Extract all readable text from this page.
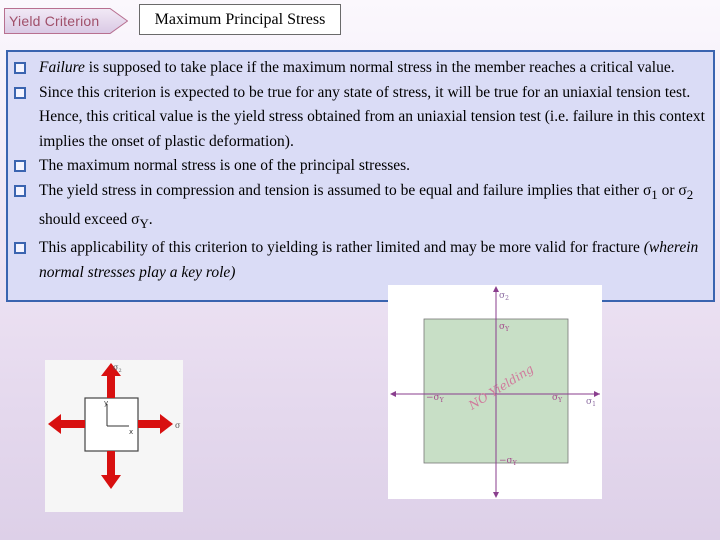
Yield Criterion	Maximum Principal Stress
Failure is supposed to take place if the maximum normal stress in the member reaches a critical value.
Since this criterion is expected to be true for any state of stress, it will be true for an uniaxial tension test. Hence, this critical value is the yield stress obtained from an uniaxial tension test (i.e. failure in this context implies the onset of plastic deformation).
The maximum normal stress is one of the principal stresses.
The yield stress in compression and tension is assumed to be equal and failure implies that either $\sigma_1$ or $\sigma_2$ should exceed $\sigma_Y$.
This applicability of this criterion to yielding is rather limited and may be more valid for fracture (wherein normal stresses play a key role)
y
x
$\sigma_2$
σ
$\sigma_2$
$\sigma_1$
$\sigma_Y$
$-\sigma_Y$
$-\sigma_Y$	$\sigma_Y$
NO Yielding
